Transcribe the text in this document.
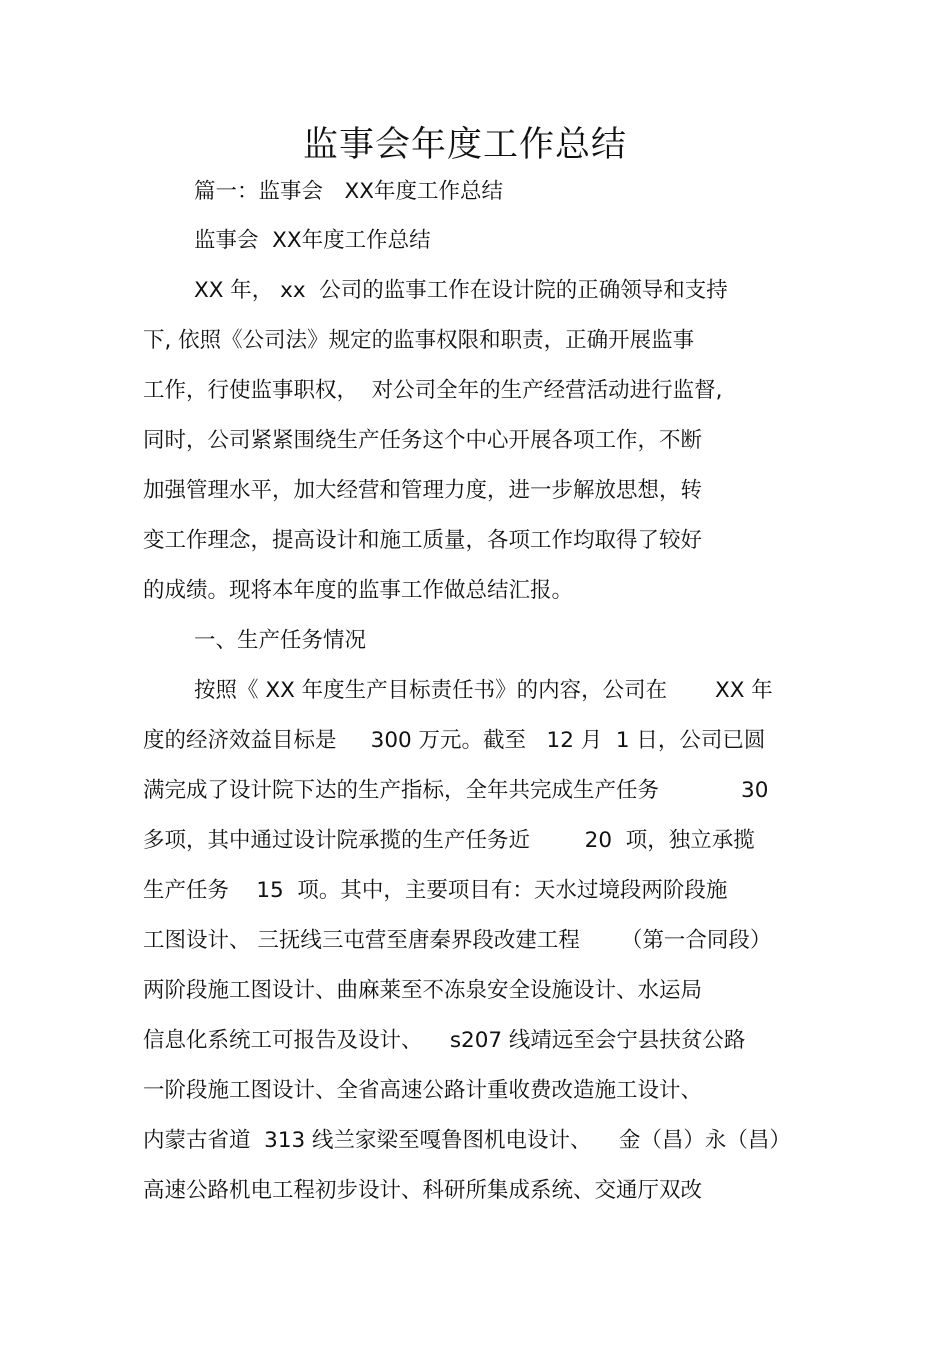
监事会年度工作总结
篇一：监事会　XX年度工作总结
监事会  XX年度工作总结
XX 年， xx  公司的监事工作在设计院的正确领导和支持
下, 依照《公司法》规定的监事权限和职责，正确开展监事
工作，行使监事职权，  对公司全年的生产经营活动进行监督,
同时，公司紧紧围绕生产任务这个中心开展各项工作，不断
加强管理水平，加大经营和管理力度，进一步解放思想，转
变工作理念，提高设计和施工质量，各项工作均取得了较好
的成绩。现将本年度的监事工作做总结汇报。
一、生产任务情况
按照《 XX 年度生产目标责任书》的内容，公司在       XX 年
度的经济效益目标是     300 万元。截至   12 月  1 日，公司已圆
满完成了设计院下达的生产指标，全年共完成生产任务            30
多项，其中通过设计院承揽的生产任务近        20  项，独立承揽
生产任务    15  项。其中，主要项目有：天水过境段两阶段施
工图设计、 三抚线三屯营至唐秦界段改建工程      （第一合同段）
两阶段施工图设计、曲麻莱至不冻泉安全设施设计、水运局
信息化系统工可报告及设计、    s207 线靖远至会宁县扶贫公路
一阶段施工图设计、全省高速公路计重收费改造施工设计、
内蒙古省道  313 线兰家梁至嘎鲁图机电设计、    金（昌）永（昌）
高速公路机电工程初步设计、科研所集成系统、交通厅双改
